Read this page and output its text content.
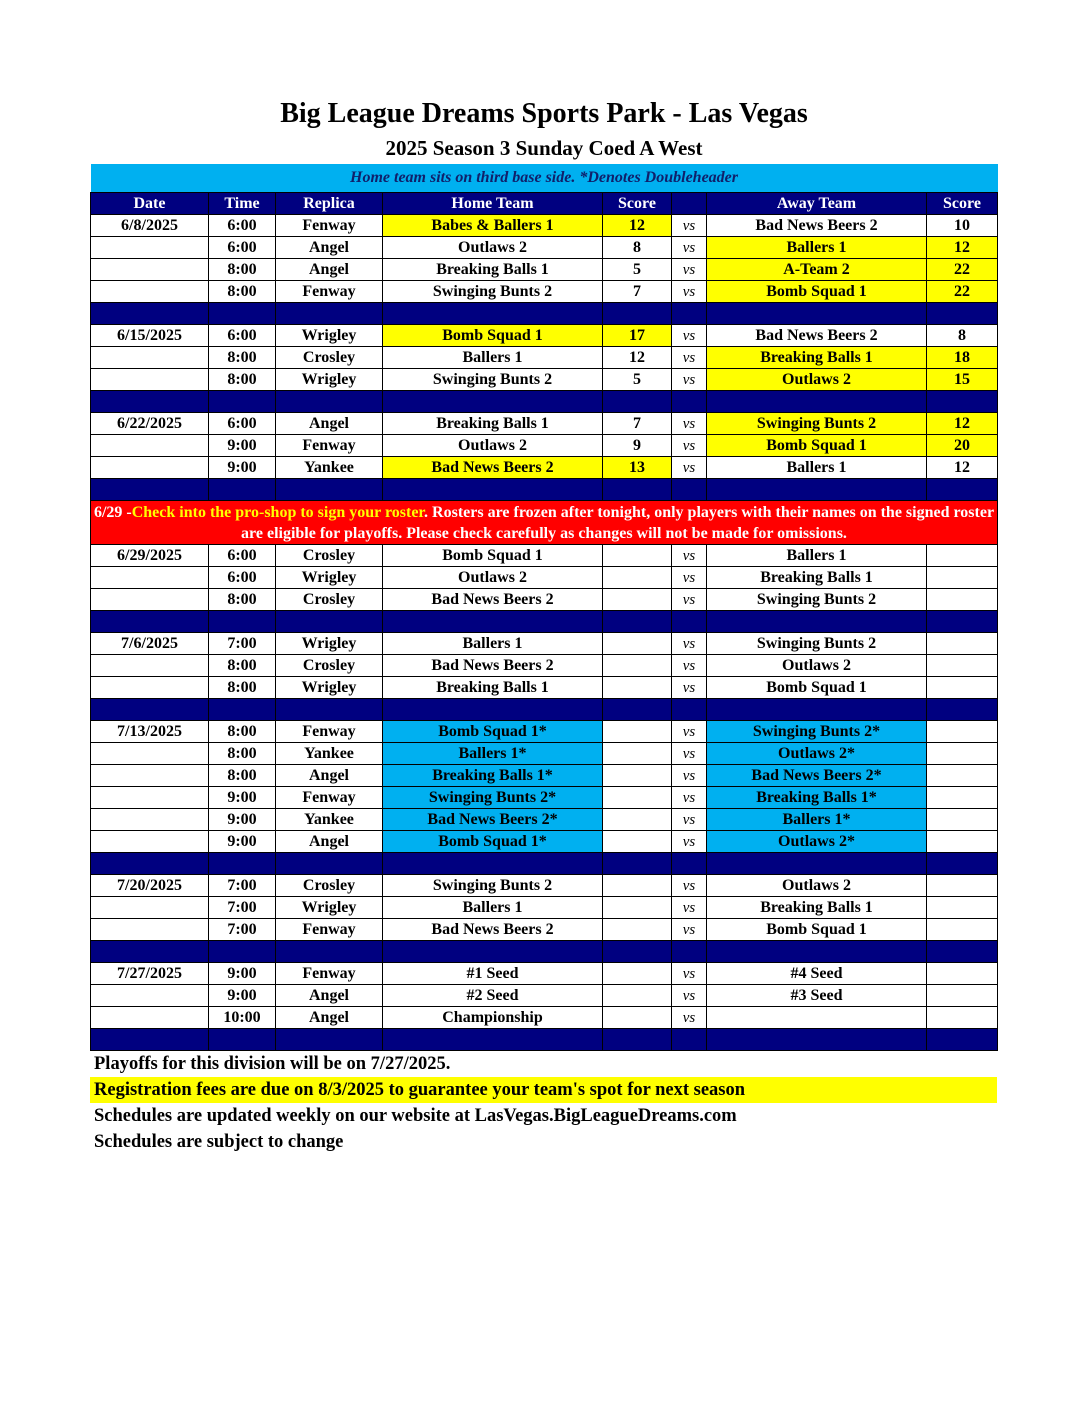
Big League Dreams Sports Park - Las Vegas
2025 Season 3 Sunday Coed A West
Home team sits on third base side. *Denotes Doubleheader							
Date	Time	Replica	Home Team	Score		Away Team	Score
6/8/2025	6:00	Fenway	Babes & Ballers 1	12	vs	Bad News Beers 2	10
	6:00	Angel	Outlaws 2	8	vs	Ballers 1	12
	8:00	Angel	Breaking Balls 1	5	vs	A-Team 2	22
	8:00	Fenway	Swinging Bunts 2	7	vs	Bomb Squad 1	22

6/15/2025	6:00	Wrigley	Bomb Squad 1	17	vs	Bad News Beers 2	8
	8:00	Crosley	Ballers 1	12	vs	Breaking Balls 1	18
	8:00	Wrigley	Swinging Bunts 2	5	vs	Outlaws 2	15

6/22/2025	6:00	Angel	Breaking Balls 1	7	vs	Swinging Bunts 2	12
	9:00	Fenway	Outlaws 2	9	vs	Bomb Squad 1	20
	9:00	Yankee	Bad News Beers 2	13	vs	Ballers 1	12

6/29 -Check into the pro-shop to sign your roster. Rosters are frozen after tonight, only players with their names on the signed roster are eligible for playoffs. Please check carefully as changes will not be made for omissions.							
6/29/2025	6:00	Crosley	Bomb Squad 1		vs	Ballers 1	
	6:00	Wrigley	Outlaws 2		vs	Breaking Balls 1	
	8:00	Crosley	Bad News Beers 2		vs	Swinging Bunts 2	

7/6/2025	7:00	Wrigley	Ballers 1		vs	Swinging Bunts 2	
	8:00	Crosley	Bad News Beers 2		vs	Outlaws 2	
	8:00	Wrigley	Breaking Balls 1		vs	Bomb Squad 1	

7/13/2025	8:00	Fenway	Bomb Squad 1*		vs	Swinging Bunts 2*	
	8:00	Yankee	Ballers 1*		vs	Outlaws 2*	
	8:00	Angel	Breaking Balls 1*		vs	Bad News Beers 2*	
	9:00	Fenway	Swinging Bunts 2*		vs	Breaking Balls 1*	
	9:00	Yankee	Bad News Beers 2*		vs	Ballers 1*	
	9:00	Angel	Bomb Squad 1*		vs	Outlaws 2*	

7/20/2025	7:00	Crosley	Swinging Bunts 2		vs	Outlaws 2	
	7:00	Wrigley	Ballers 1		vs	Breaking Balls 1	
	7:00	Fenway	Bad News Beers 2		vs	Bomb Squad 1	

7/27/2025	9:00	Fenway	#1 Seed		vs	#4 Seed	
	9:00	Angel	#2 Seed		vs	#3 Seed	
	10:00	Angel	Championship		vs		

Playoffs for this division will be on 7/27/2025.
Registration fees are due on 8/3/2025 to guarantee your team's spot for next season
Schedules are updated weekly on our website at LasVegas.BigLeagueDreams.com
Schedules are subject to change
